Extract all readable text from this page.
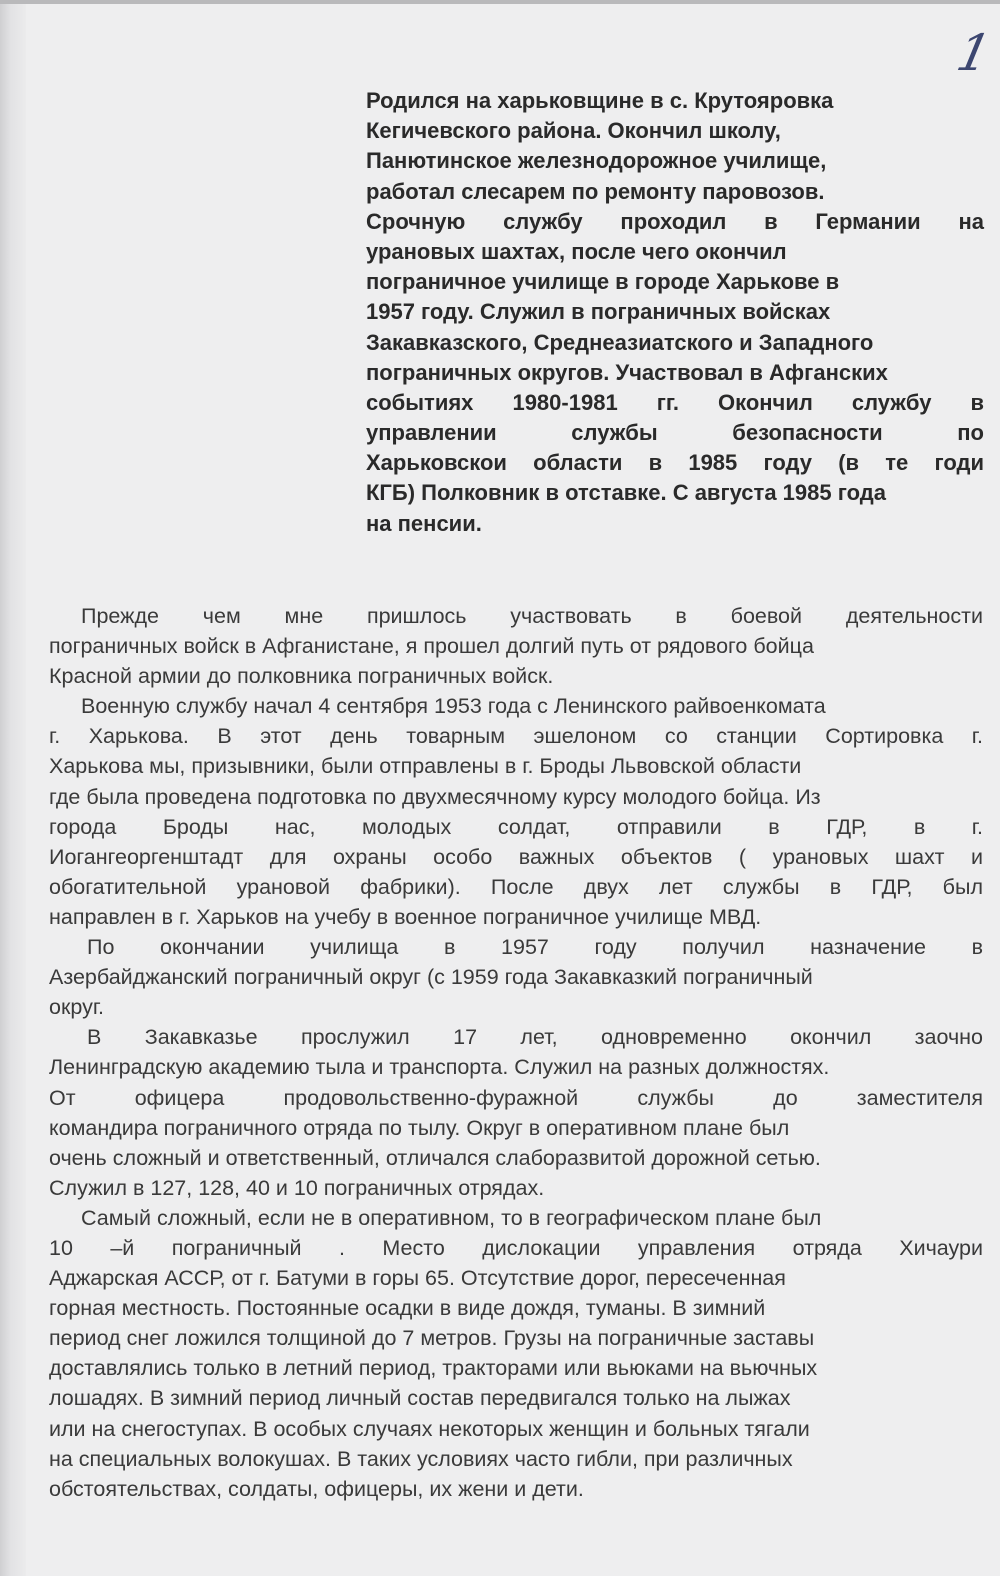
1
Родился на харьковщине в с. Крутояровка
Кегичевского района. Окончил школу,
Панютинское железнодорожное училище,
работал слесарем по ремонту паровозов.
Срочную службу проходил в Германии на
урановых шахтах, после чего окончил
пограничное училище в городе Харькове в
1957 году. Служил в пограничных войсках
Закавказского, Среднеазиатского и Западного
пограничных округов. Участвовал в Афганских
событиях 1980-1981 гг. Окончил службу в
управлении службы безопасности по
Харьковскои области в 1985 году (в те годи
КГБ) Полковник в отставке. С августа 1985 года
на пенсии.
Прежде чем мне пришлось участвовать в боевой деятельности
пограничных войск в Афганистане, я прошел долгий путь от рядового бойца
Красной армии до полковника пограничных войск.
Военную службу начал 4 сентября 1953 года с Ленинского райвоенкомата
г. Харькова. В этот день товарным эшелоном со станции Сортировка г.
Харькова мы, призывники, были отправлены в г. Броды Львовской области
где была проведена подготовка по двухмесячному курсу молодого бойца. Из
города Броды нас, молодых солдат, отправили в ГДР, в г.
Иогангеоргенштадт для охраны особо важных объектов ( урановых шахт и
обогатительной урановой фабрики). После двух лет службы в ГДР, был
направлен в г. Харьков на учебу в военное пограничное училище МВД.
По окончании училища в 1957 году получил назначение в
Азербайджанский пограничный округ (с 1959 года Закавказкий пограничный
округ.
В Закавказье прослужил 17 лет, одновременно окончил заочно
Ленинградскую академию тыла и транспорта. Служил на разных должностях.
От офицера продовольственно-фуражной службы до заместителя
командира пограничного отряда по тылу. Округ в оперативном плане был
очень сложный и ответственный, отличался слаборазвитой дорожной сетью.
Служил в 127, 128, 40 и 10 пограничных отрядах.
Самый сложный, если не в оперативном, то в географическом плане был
10 –й пограничный . Место дислокации управления отряда Хичаури
Аджарская АССР, от г. Батуми в горы 65. Отсутствие дорог, пересеченная
горная местность. Постоянные осадки в виде дождя, туманы. В зимний
период снег ложился толщиной до 7 метров. Грузы на пограничные заставы
доставлялись только в летний период, тракторами или вьюками на вьючных
лошадях. В зимний период личный состав передвигался только на лыжах
или на снегоступах. В особых случаях некоторых женщин и больных тягали
на специальных волокушах. В таких условиях часто гибли, при различных
обстоятельствах, солдаты, офицеры, их жени и дети.
